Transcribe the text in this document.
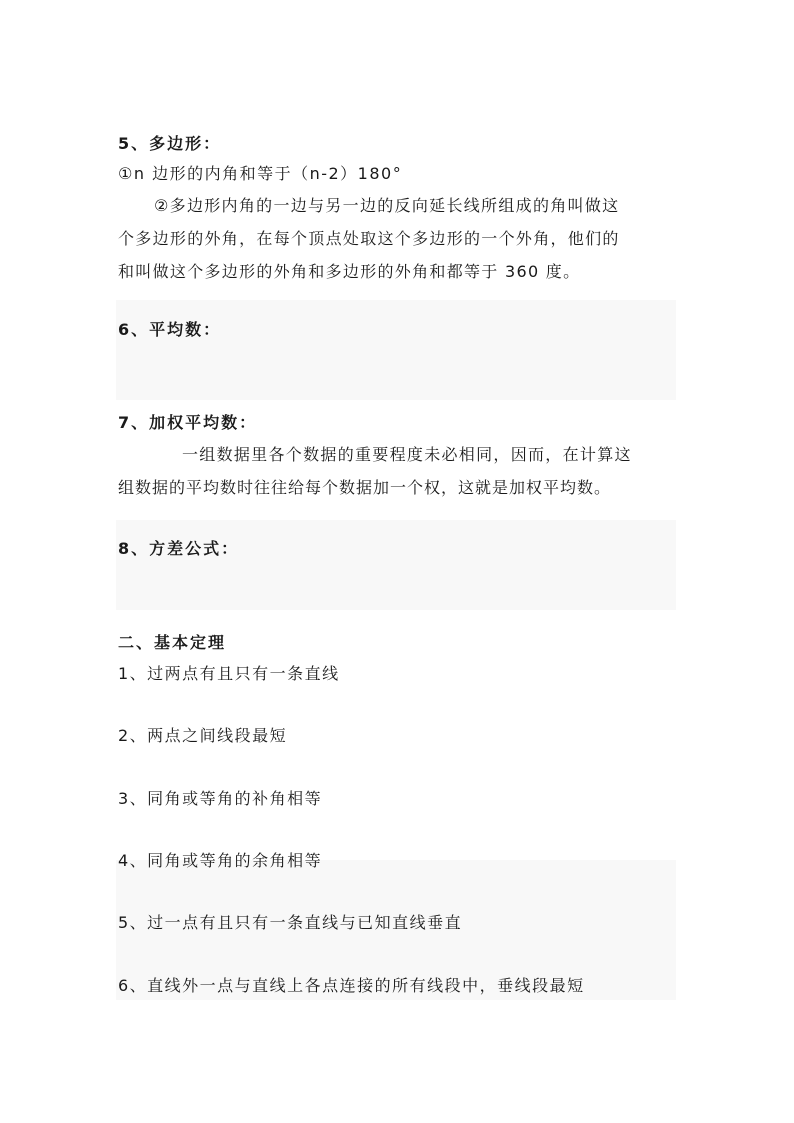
5、多边形：
①n 边形的内角和等于（n-2）180°
②多边形内角的一边与另一边的反向延长线所组成的角叫做这
个多边形的外角，在每个顶点处取这个多边形的一个外角，他们的
和叫做这个多边形的外角和多边形的外角和都等于 360 度。
6、平均数：
7、加权平均数：
一组数据里各个数据的重要程度未必相同，因而，在计算这
组数据的平均数时往往给每个数据加一个权，这就是加权平均数。
8、方差公式：
二、基本定理
1、过两点有且只有一条直线
2、两点之间线段最短
3、同角或等角的补角相等
4、同角或等角的余角相等
5、过一点有且只有一条直线与已知直线垂直
6、直线外一点与直线上各点连接的所有线段中，垂线段最短
